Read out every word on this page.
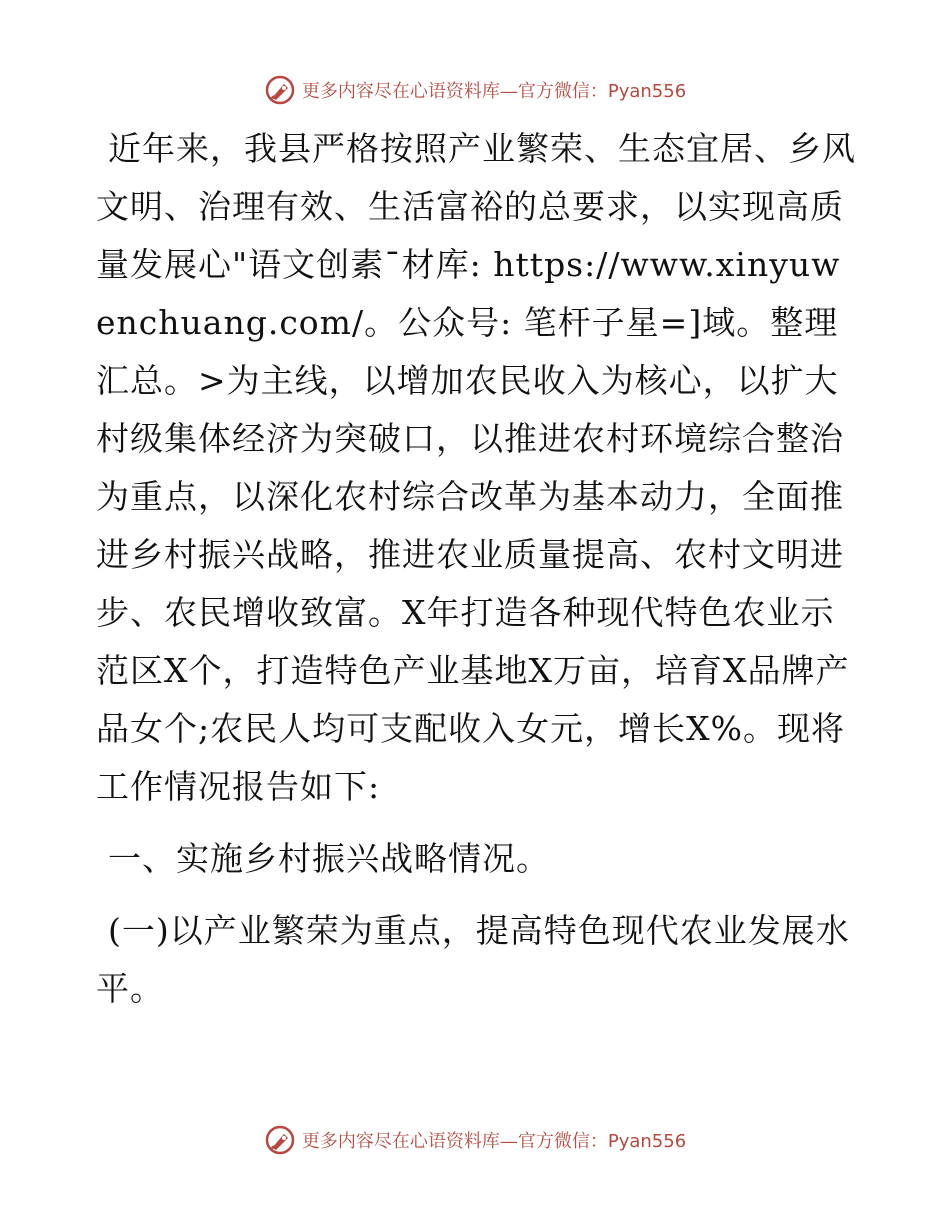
更多内容尽在心语资料库—官方微信：Pyan556

近年来，我县严格按照产业繁荣、生态宜居、乡风文明、治理有效、生活富裕的总要求，以实现高质量发展心"语文创素¯材库: https://www.xinyuwenchuang.com/。公众号: 笔杆子星=]域。整理汇总。>为主线，以增加农民收入为核心，以扩大村级集体经济为突破口，以推进农村环境综合整治为重点，以深化农村综合改革为基本动力，全面推进乡村振兴战略，推进农业质量提高、农村文明进步、农民增收致富。X年打造各种现代特色农业示范区X个，打造特色产业基地X万亩，培育X品牌产品女个;农民人均可支配收入女元，增长X%。现将工作情况报告如下:

一、实施乡村振兴战略情况。

(一)以产业繁荣为重点，提高特色现代农业发展水平。

更多内容尽在心语资料库—官方微信：Pyan556
